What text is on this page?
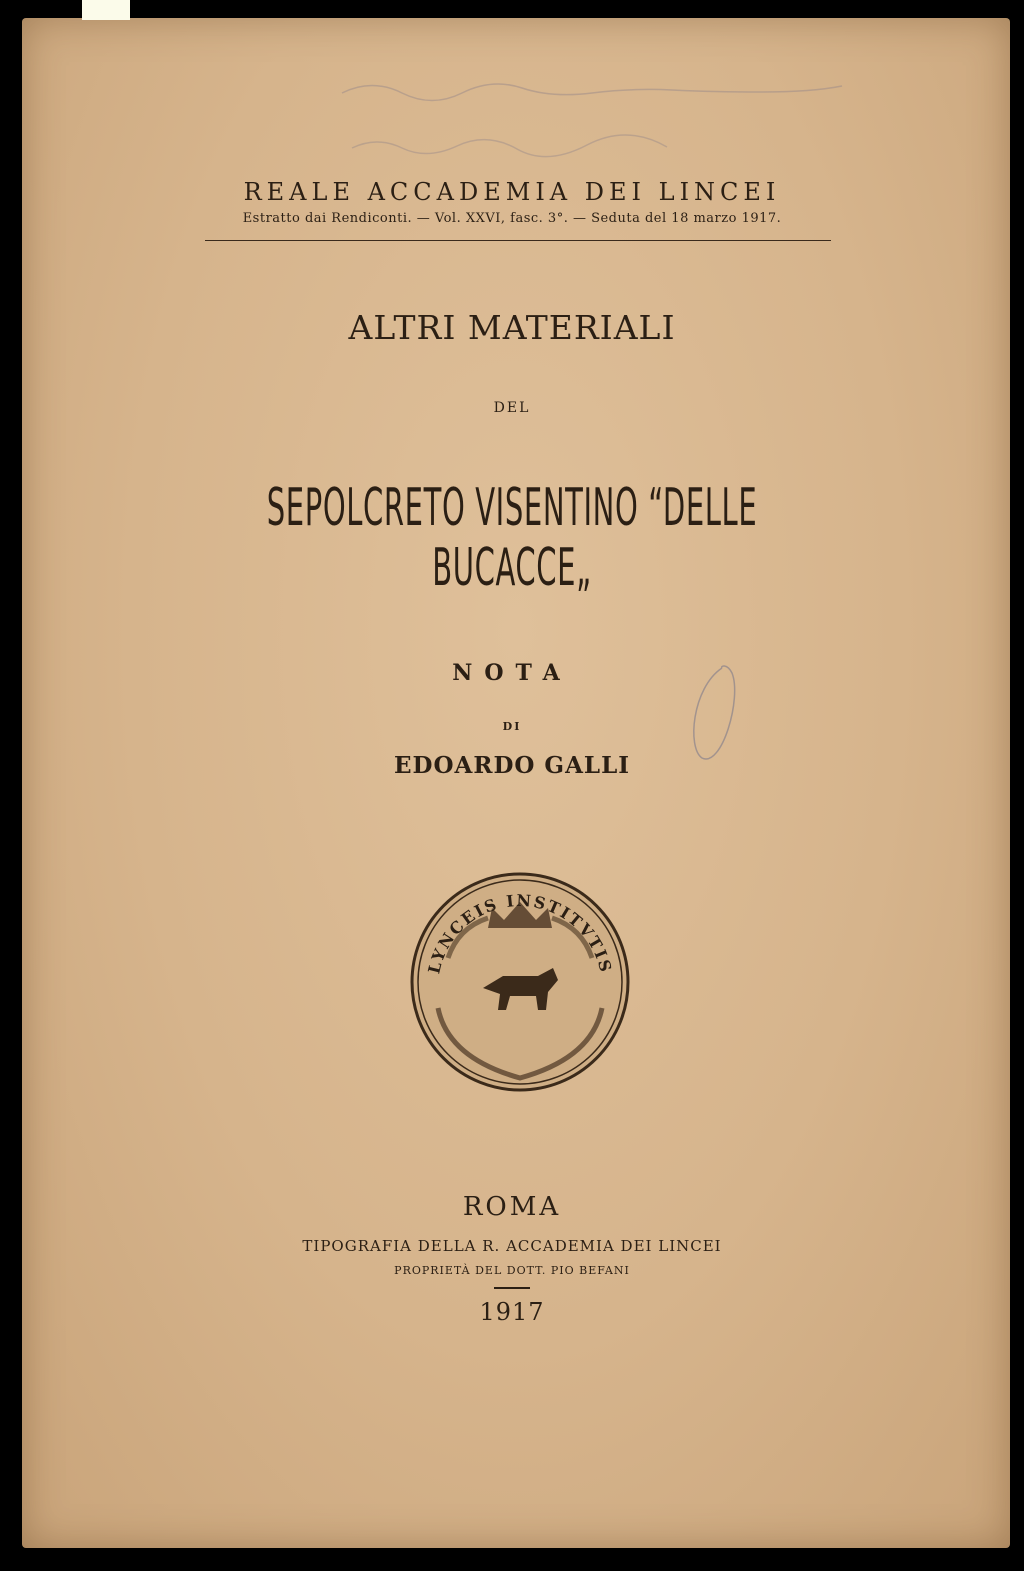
REALE ACCADEMIA DEI LINCEI
Estratto dai Rendiconti. — Vol. XXVI, fasc. 3°. — Seduta del 18 marzo 1917.
ALTRI MATERIALI
DEL
SEPOLCRETO VISENTINO “DELLE BUCACCE„
NOTA
DI
EDOARDO GALLI
LYNCEIS INSTITVTIS
ROMA
TIPOGRAFIA DELLA R. ACCADEMIA DEI LINCEI
PROPRIETÀ DEL DOTT. PIO BEFANI
1917
